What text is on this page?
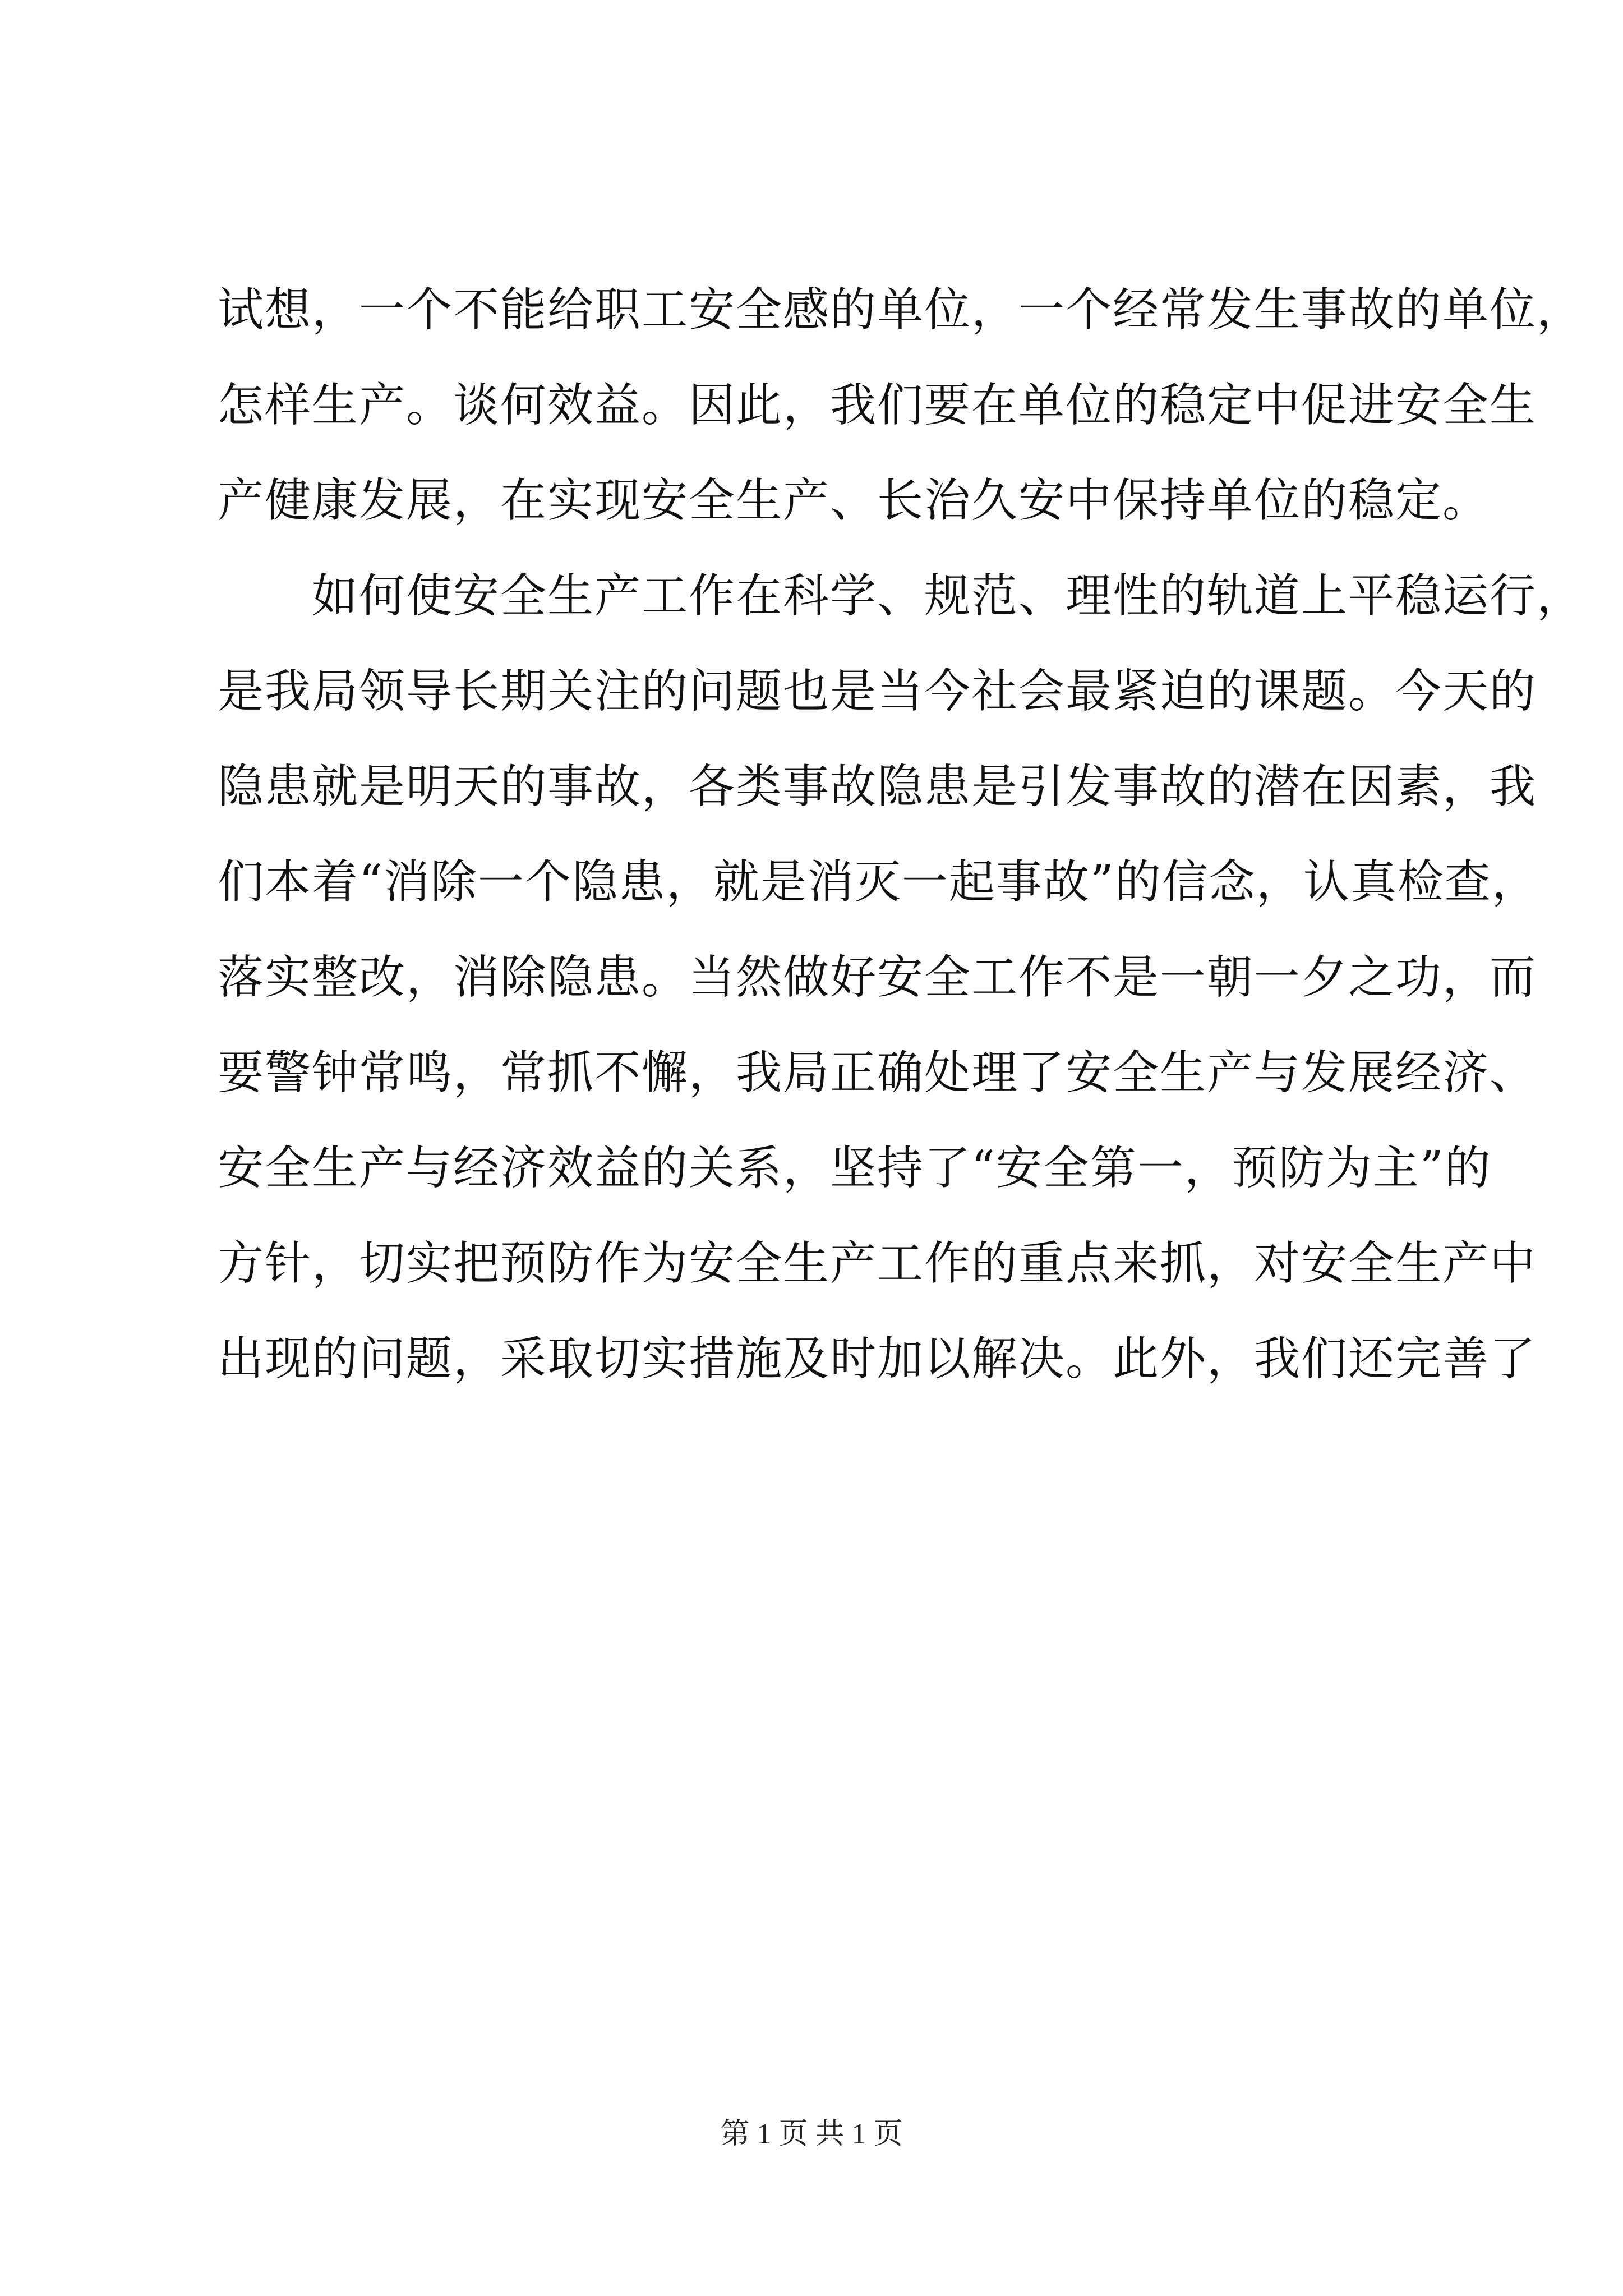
试想，一个不能给职工安全感的单位，一个经常发生事故的单位，
怎样生产。谈何效益。因此，我们要在单位的稳定中促进安全生
产健康发展，在实现安全生产、长治久安中保持单位的稳定。
　　如何使安全生产工作在科学、规范、理性的轨道上平稳运行，
是我局领导长期关注的问题也是当今社会最紧迫的课题。今天的
隐患就是明天的事故，各类事故隐患是引发事故的潜在因素，我
们本着“消除一个隐患，就是消灭一起事故”的信念，认真检查，
落实整改，消除隐患。当然做好安全工作不是一朝一夕之功，而
要警钟常鸣，常抓不懈，我局正确处理了安全生产与发展经济、
安全生产与经济效益的关系，坚持了“安全第一，预防为主”的
方针，切实把预防作为安全生产工作的重点来抓，对安全生产中
出现的问题，采取切实措施及时加以解决。此外，我们还完善了
第 1 页 共 1 页
